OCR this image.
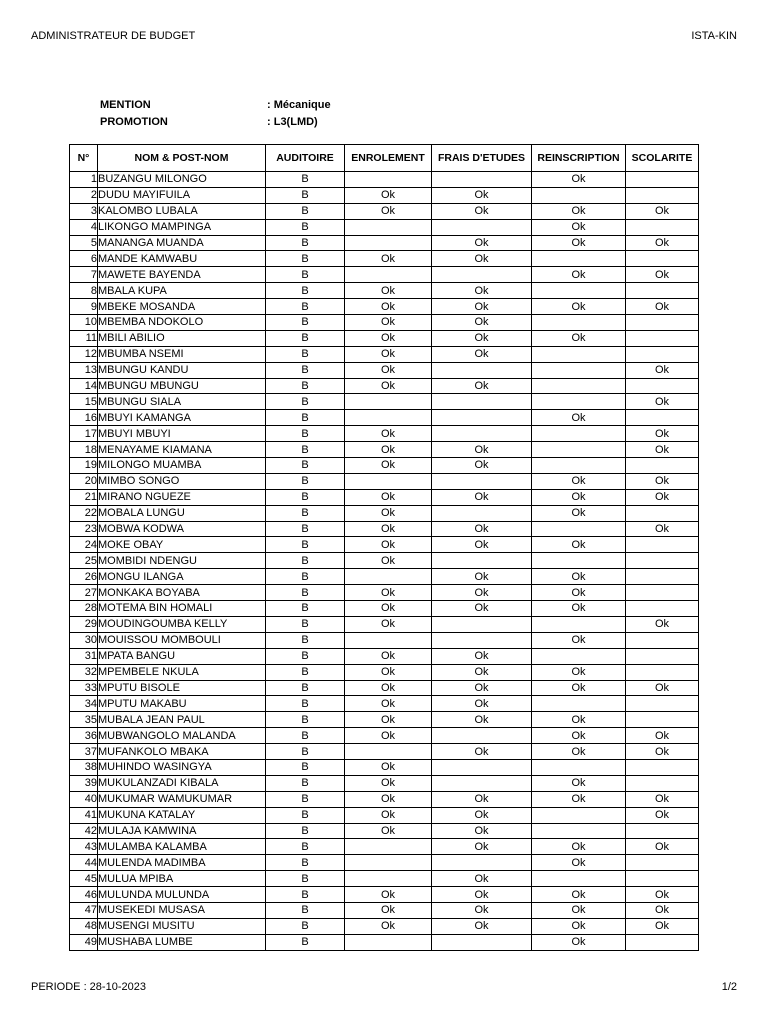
ADMINISTRATEUR DE BUDGET	ISTA-KIN
MENTION	: Mécanique
PROMOTION	: L3(LMD)
N°	NOM & POST-NOM	AUDITOIRE	ENROLEMENT	FRAIS D'ETUDES	REINSCRIPTION	SCOLARITE
1	BUZANGU MILONGO	B			Ok	
2	DUDU MAYIFUILA	B	Ok	Ok		
3	KALOMBO LUBALA	B	Ok	Ok	Ok	Ok
4	LIKONGO MAMPINGA	B			Ok	
5	MANANGA MUANDA	B		Ok	Ok	Ok
6	MANDE KAMWABU	B	Ok	Ok		
7	MAWETE BAYENDA	B			Ok	Ok
8	MBALA KUPA	B	Ok	Ok		
9	MBEKE MOSANDA	B	Ok	Ok	Ok	Ok
10	MBEMBA NDOKOLO	B	Ok	Ok		
11	MBILI ABILIO	B	Ok	Ok	Ok	
12	MBUMBA NSEMI	B	Ok	Ok		
13	MBUNGU KANDU	B	Ok			Ok
14	MBUNGU MBUNGU	B	Ok	Ok		
15	MBUNGU SIALA	B				Ok
16	MBUYI KAMANGA	B			Ok	
17	MBUYI MBUYI	B	Ok			Ok
18	MENAYAME KIAMANA	B	Ok	Ok		Ok
19	MILONGO MUAMBA	B	Ok	Ok		
20	MIMBO SONGO	B			Ok	Ok
21	MIRANO NGUEZE	B	Ok	Ok	Ok	Ok
22	MOBALA LUNGU	B	Ok		Ok	
23	MOBWA KODWA	B	Ok	Ok		Ok
24	MOKE OBAY	B	Ok	Ok	Ok	
25	MOMBIDI NDENGU	B	Ok			
26	MONGU ILANGA	B		Ok	Ok	
27	MONKAKA BOYABA	B	Ok	Ok	Ok	
28	MOTEMA BIN HOMALI	B	Ok	Ok	Ok	
29	MOUDINGOUMBA KELLY	B	Ok			Ok
30	MOUISSOU MOMBOULI	B			Ok	
31	MPATA BANGU	B	Ok	Ok		
32	MPEMBELE NKULA	B	Ok	Ok	Ok	
33	MPUTU BISOLE	B	Ok	Ok	Ok	Ok
34	MPUTU MAKABU	B	Ok	Ok		
35	MUBALA JEAN PAUL	B	Ok	Ok	Ok	
36	MUBWANGOLO MALANDA	B	Ok		Ok	Ok
37	MUFANKOLO MBAKA	B		Ok	Ok	Ok
38	MUHINDO WASINGYA	B	Ok			
39	MUKULANZADI KIBALA	B	Ok		Ok	
40	MUKUMAR WAMUKUMAR	B	Ok	Ok	Ok	Ok
41	MUKUNA KATALAY	B	Ok	Ok		Ok
42	MULAJA KAMWINA	B	Ok	Ok		
43	MULAMBA KALAMBA	B		Ok	Ok	Ok
44	MULENDA MADIMBA	B			Ok	
45	MULUA MPIBA	B		Ok		
46	MULUNDA MULUNDA	B	Ok	Ok	Ok	Ok
47	MUSEKEDI MUSASA	B	Ok	Ok	Ok	Ok
48	MUSENGI MUSITU	B	Ok	Ok	Ok	Ok
49	MUSHABA LUMBE	B			Ok	
PERIODE : 28-10-2023	1/2
